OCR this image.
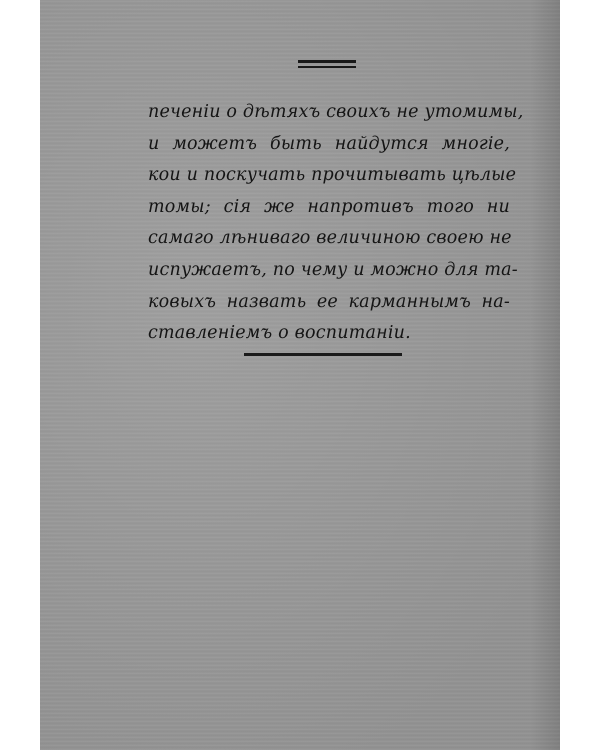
печеніи о дѣтяхъ своихъ не утомимы,
и можетъ быть найдутся многіе,
кои и поскучать прочитывать цѣлые
томы; сія же напротивъ того ни
самаго лѣниваго величиною своею не
испужаетъ, по чему и можно для та-
ковыхъ назвать ее карманнымъ на-
ставленіемъ о воспитаніи.
